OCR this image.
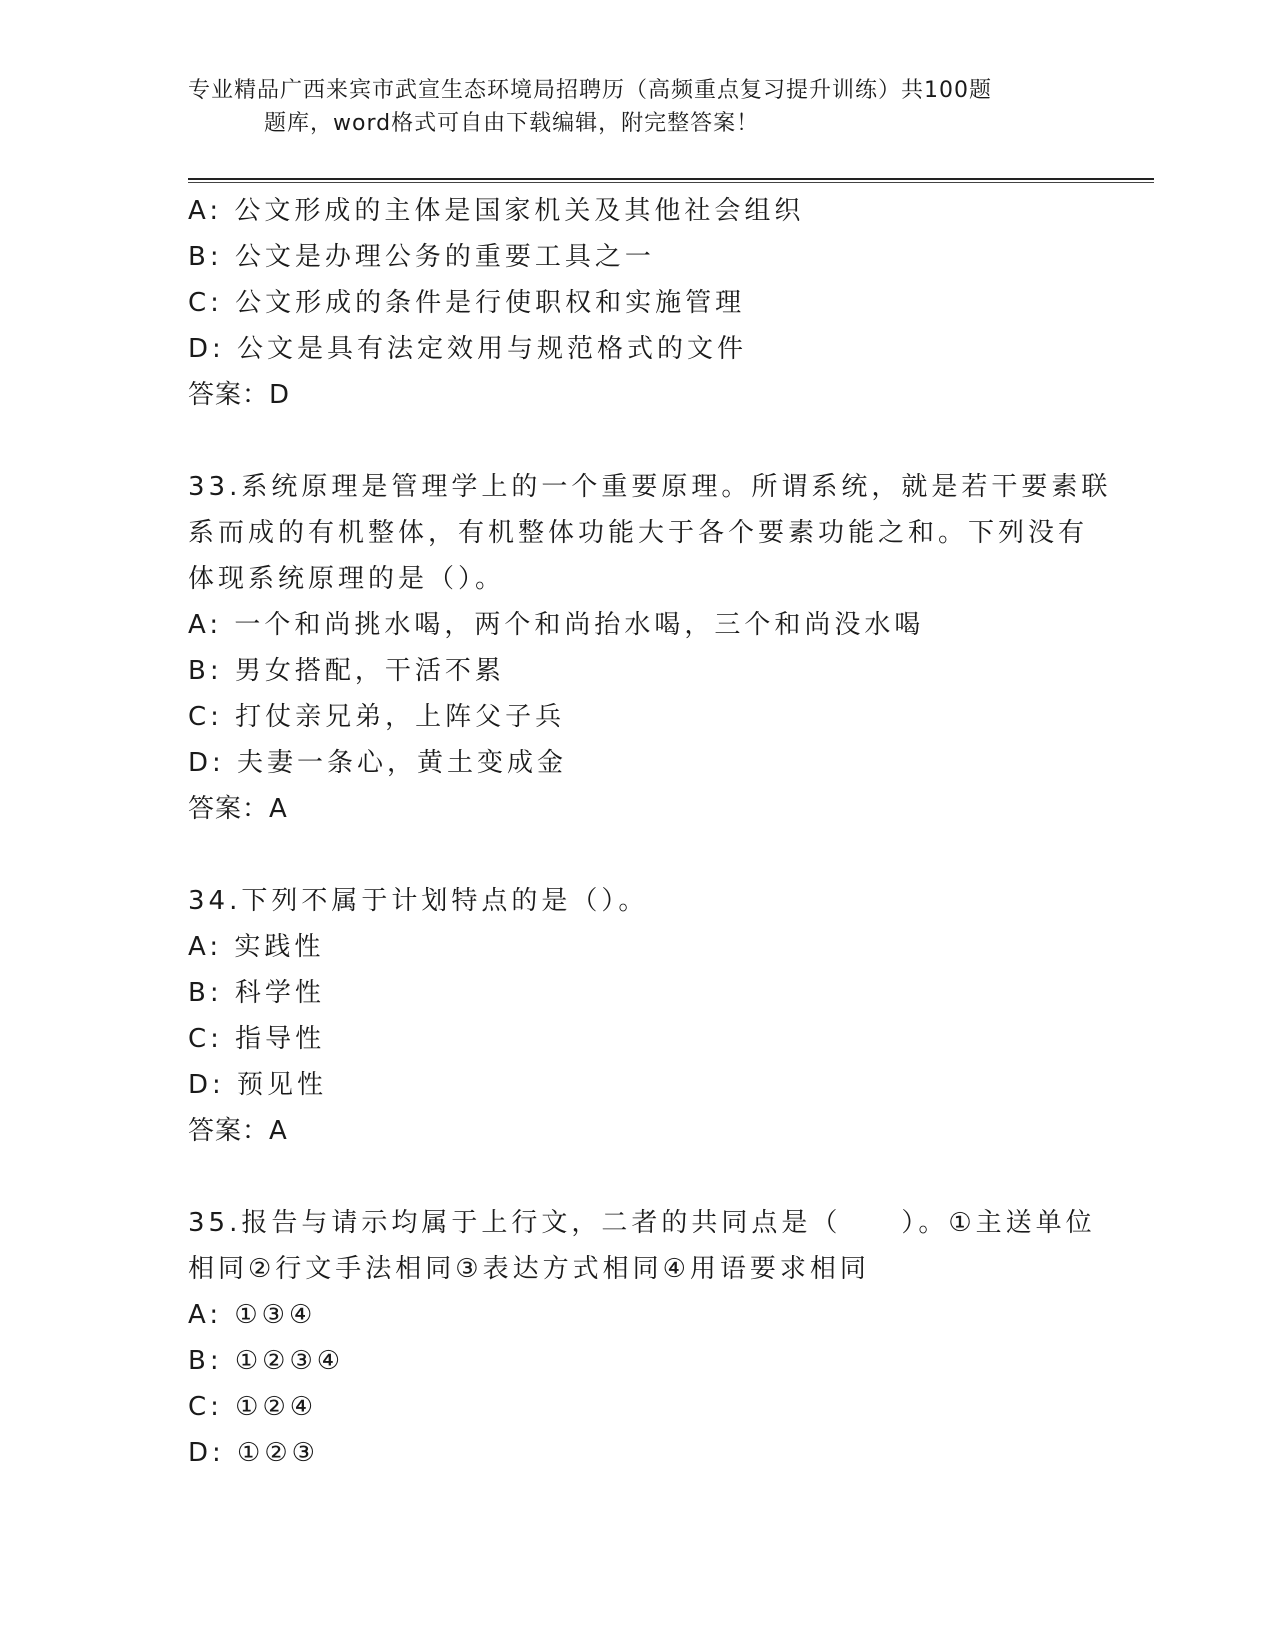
专业精品广西来宾市武宣生态环境局招聘历（高频重点复习提升训练）共100题
题库，word格式可自由下载编辑，附完整答案！
A: 公文形成的主体是国家机关及其他社会组织
B: 公文是办理公务的重要工具之一
C: 公文形成的条件是行使职权和实施管理
D: 公文是具有法定效用与规范格式的文件
答案：D
33.系统原理是管理学上的一个重要原理。所谓系统，就是若干要素联
系而成的有机整体，有机整体功能大于各个要素功能之和。下列没有
体现系统原理的是（）。
A: 一个和尚挑水喝，两个和尚抬水喝，三个和尚没水喝
B: 男女搭配，干活不累
C: 打仗亲兄弟，上阵父子兵
D: 夫妻一条心，黄土变成金
答案：A
34.下列不属于计划特点的是（）。
A: 实践性
B: 科学性
C: 指导性
D: 预见性
答案：A
35.报告与请示均属于上行文，二者的共同点是（　　）。①主送单位
相同②行文手法相同③表达方式相同④用语要求相同
A: ①③④
B: ①②③④
C: ①②④
D: ①②③
